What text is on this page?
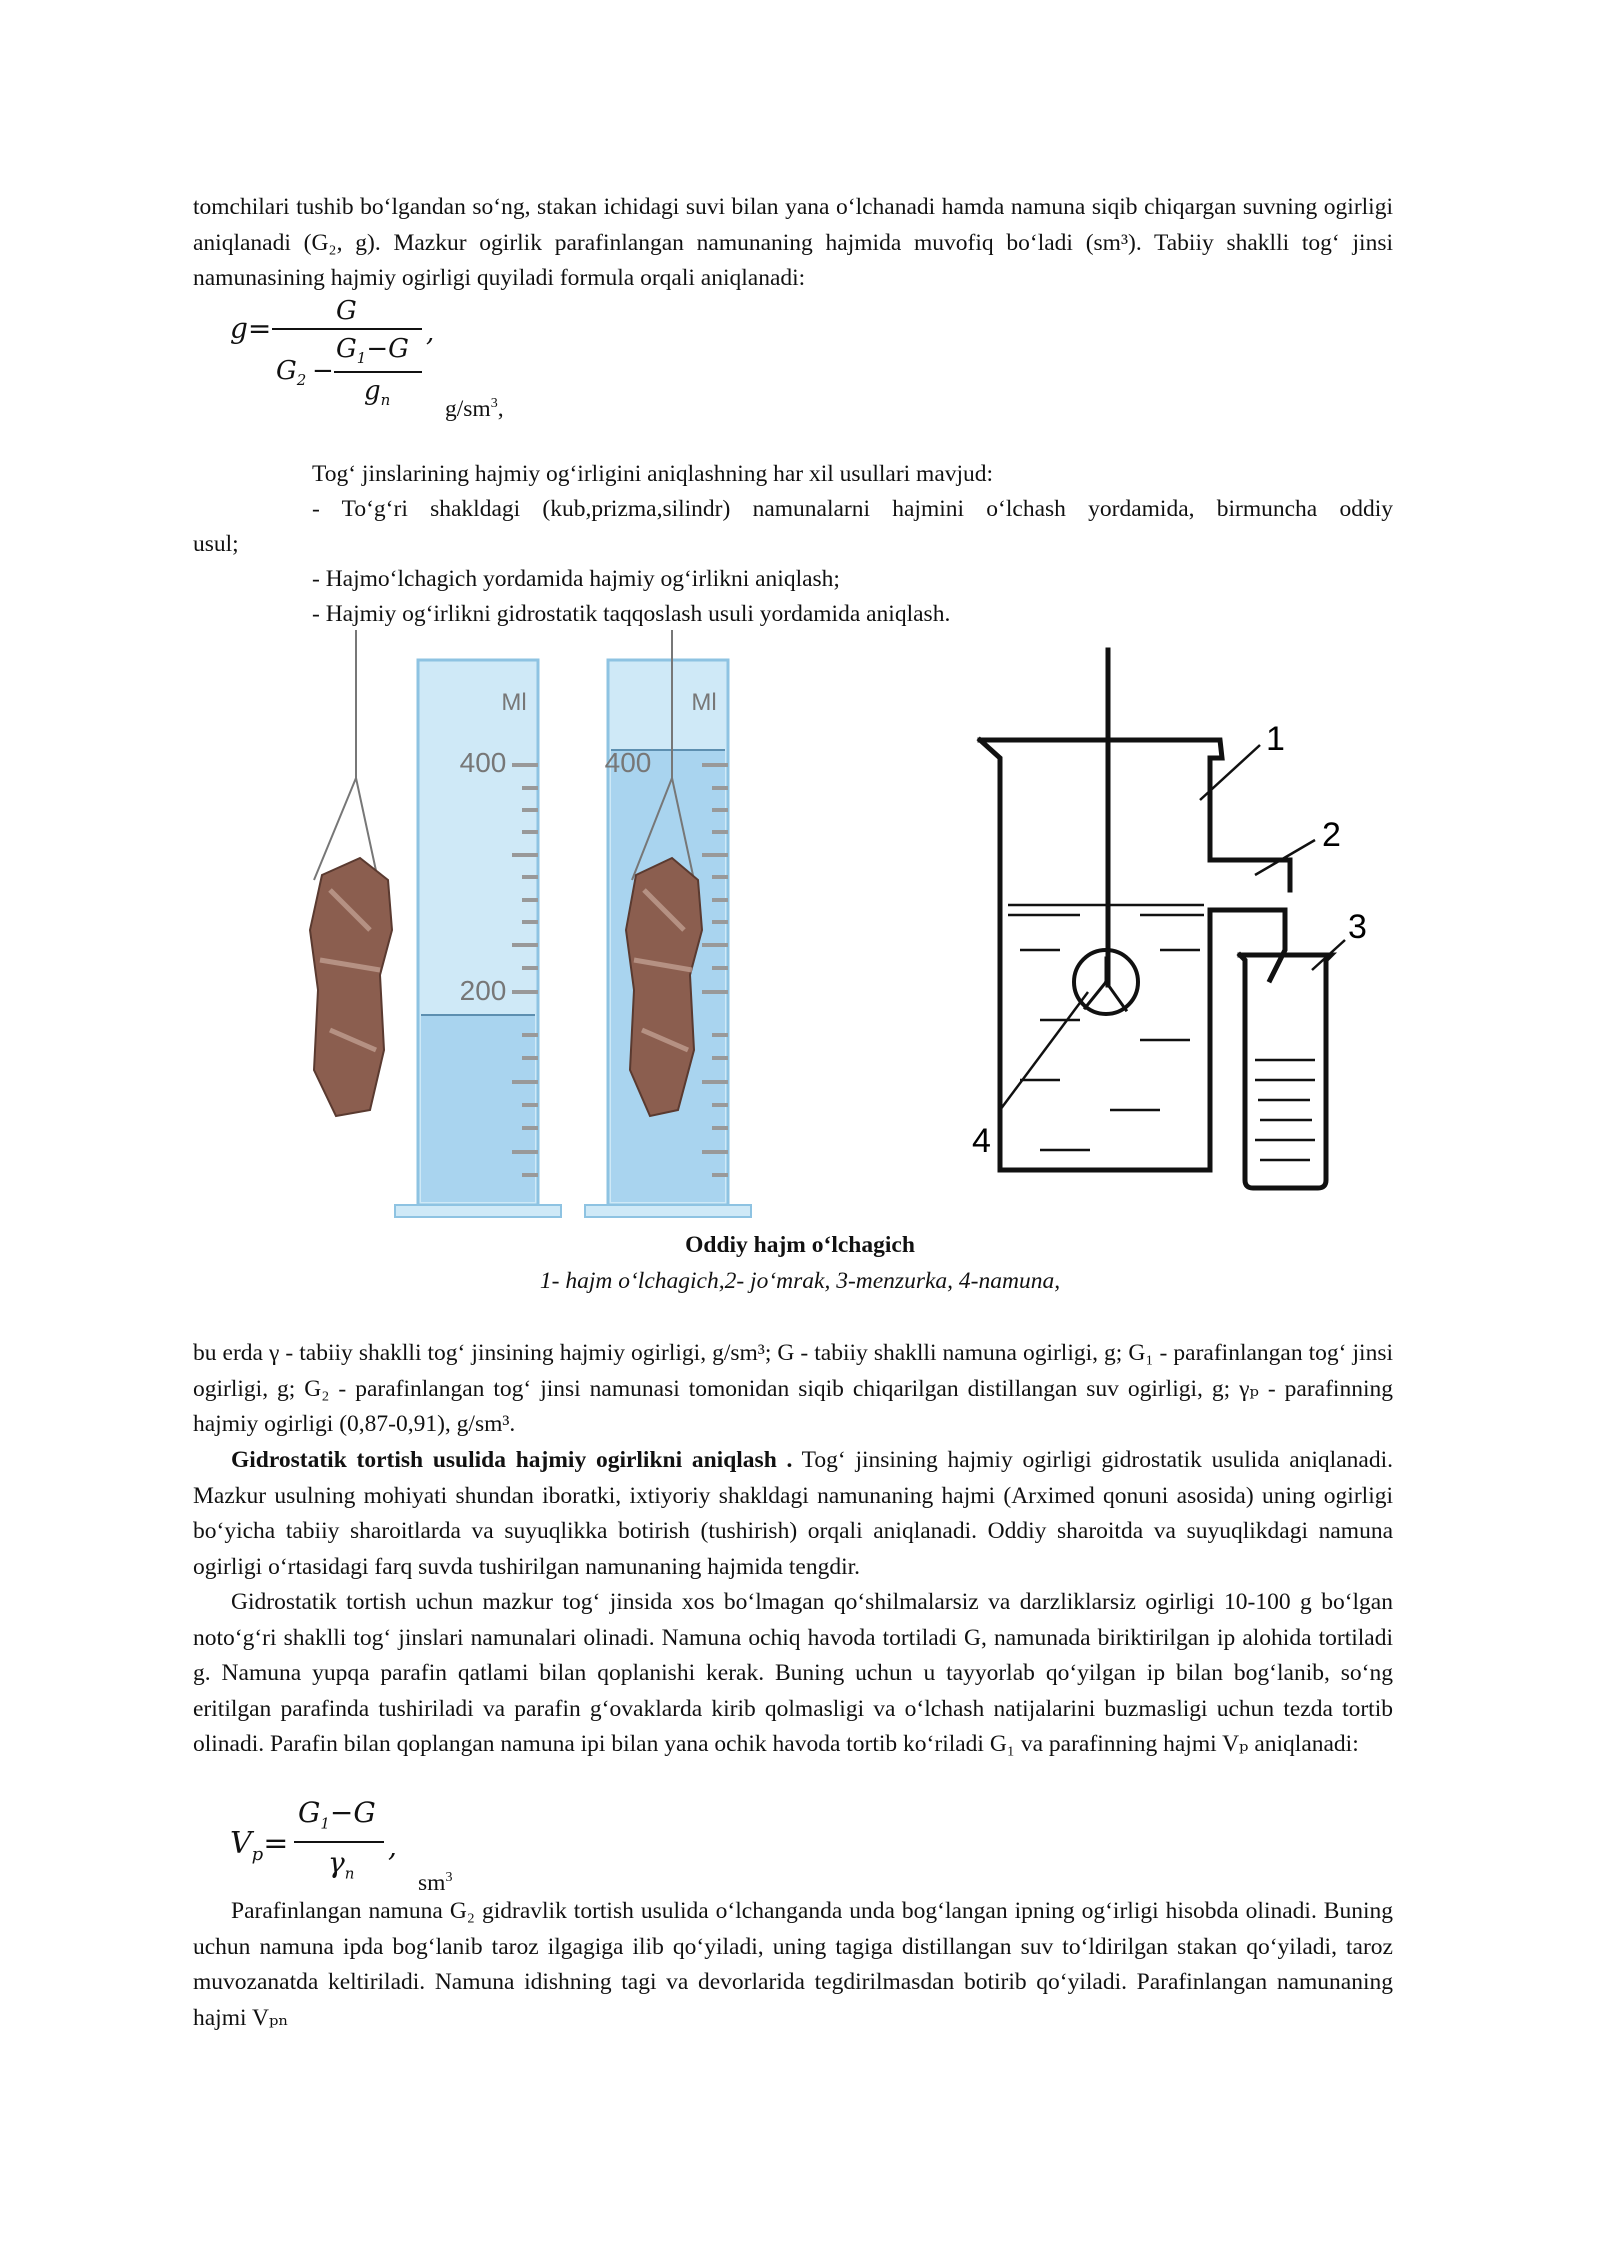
tomchilari tushib bo‘lgandan so‘ng, stakan ichidagi suvi bilan yana o‘lchanadi hamda namuna siqib chiqargan suvning ogirligi aniqlanadi (G₂, g). Mazkur ogirlik parafinlangan namunaning hajmida muvofiq bo‘ladi (sm³). Tabiiy shaklli tog‘ jinsi namunasining hajmiy ogirligi quyiladi formula orqali aniqlanadi:

g=
G
,
$G_2$ −
$G_1-G$
$g_n$ $g/sm^3$,
Tog‘ jinslarining hajmiy og‘irligini aniqlashning har xil usullari mavjud:
- To‘g‘ri shakldagi (kub,prizma,silindr) namunalarni hajmini o‘lchash yordamida, birmuncha oddiy
usul;
- Hajmo‘lchagich yordamida hajmiy og‘irlikni aniqlash;
- Hajmiy og‘irlikni gidrostatik taqqoslash usuli yordamida aniqlash.
Ml
400
200
Ml
400
1
2
3
4
Oddiy hajm o‘lchagich
1- hajm o‘lchagich,2- jo‘mrak, 3-menzurka, 4-namuna,

bu erda γ - tabiiy shaklli tog‘ jinsining hajmiy ogirligi, g/sm³; G - tabiiy shaklli namuna ogirligi, g; G₁ - parafinlangan tog‘ jinsi ogirligi, g; G₂ - parafinlangan tog‘ jinsi namunasi tomonidan siqib chiqarilgan distillangan suv ogirligi, g; γₚ - parafinning hajmiy ogirligi (0,87-0,91), g/sm³.

Gidrostatik tortish usulida hajmiy ogirlikni aniqlash . Tog‘ jinsining hajmiy ogirligi gidrostatik usulida aniqlanadi. Mazkur usulning mohiyati shundan iboratki, ixtiyoriy shakldagi namunaning hajmi (Arximed qonuni asosida) uning ogirligi bo‘yicha tabiiy sharoitlarda va suyuqlikka botirish (tushirish) orqali aniqlanadi. Oddiy sharoitda va suyuqlikdagi namuna ogirligi o‘rtasidagi farq suvda tushirilgan namunaning hajmida tengdir.

Gidrostatik tortish uchun mazkur tog‘ jinsida xos bo‘lmagan qo‘shilmalarsiz va darzliklarsiz ogirligi 10-100 g bo‘lgan noto‘g‘ri shaklli tog‘ jinslari namunalari olinadi. Namuna ochiq havoda tortiladi G, namunada biriktirilgan ip alohida tortiladi g. Namuna yupqa parafin qatlami bilan qoplanishi kerak. Buning uchun u tayyorlab qo‘yilgan ip bilan bog‘lanib, so‘ng eritilgan parafinda tushiriladi va parafin g‘ovaklarda kirib qolmasligi va o‘lchash natijalarini buzmasligi uchun tezda tortib olinadi. Parafin bilan qoplangan namuna ipi bilan yana ochik havoda tortib ko‘riladi G₁ va parafinning hajmi Vₚ aniqlanadi:

$V_p=$
$G_1-G$
$\gamma_n$
,
$sm^3$

Parafinlangan namuna G₂ gidravlik tortish usulida o‘lchanganda unda bog‘langan ipning og‘irligi hisobda olinadi. Buning uchun namuna ipda bog‘lanib taroz ilgagiga ilib qo‘yiladi, uning tagiga distillangan suv to‘ldirilgan stakan qo‘yiladi, taroz muvozanatda keltiriladi. Namuna idishning tagi va devorlarida tegdirilmasdan botirib qo‘yiladi. Parafinlangan namunaning hajmi Vₚₙ
